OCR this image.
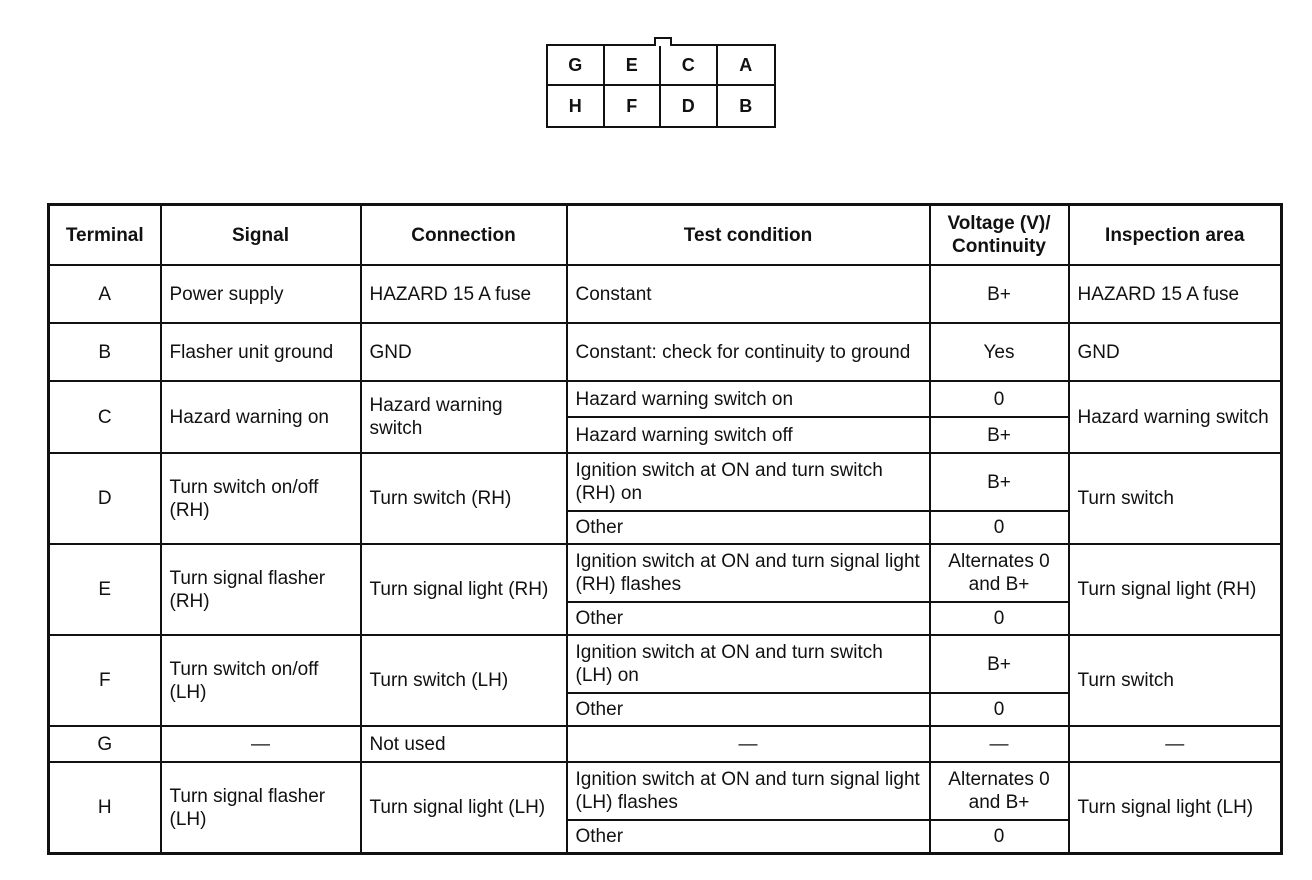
G	E	C	A
H	F	D	B
Terminal	Signal	Connection	Test condition	Voltage (V)/ Continuity	Inspection area
A	Power supply	HAZARD 15 A fuse	Constant	B+	HAZARD 15 A fuse
B	Flasher unit ground	GND	Constant: check for continuity to ground	Yes	GND
C	Hazard warning on	Hazard warning switch	Hazard warning switch on	0	Hazard warning switch
			Hazard warning switch off	B+	
D	Turn switch on/off (RH)	Turn switch (RH)	Ignition switch at ON and turn switch (RH) on	B+	Turn switch
			Other	0	
E	Turn signal flasher (RH)	Turn signal light (RH)	Ignition switch at ON and turn signal light (RH) flashes	Alternates 0 and B+	Turn signal light (RH)
			Other	0	
F	Turn switch on/off (LH)	Turn switch (LH)	Ignition switch at ON and turn switch (LH) on	B+	Turn switch
			Other	0	
G	—	Not used	—	—	—
H	Turn signal flasher (LH)	Turn signal light (LH)	Ignition switch at ON and turn signal light (LH) flashes	Alternates 0 and B+	Turn signal light (LH)
			Other	0	
